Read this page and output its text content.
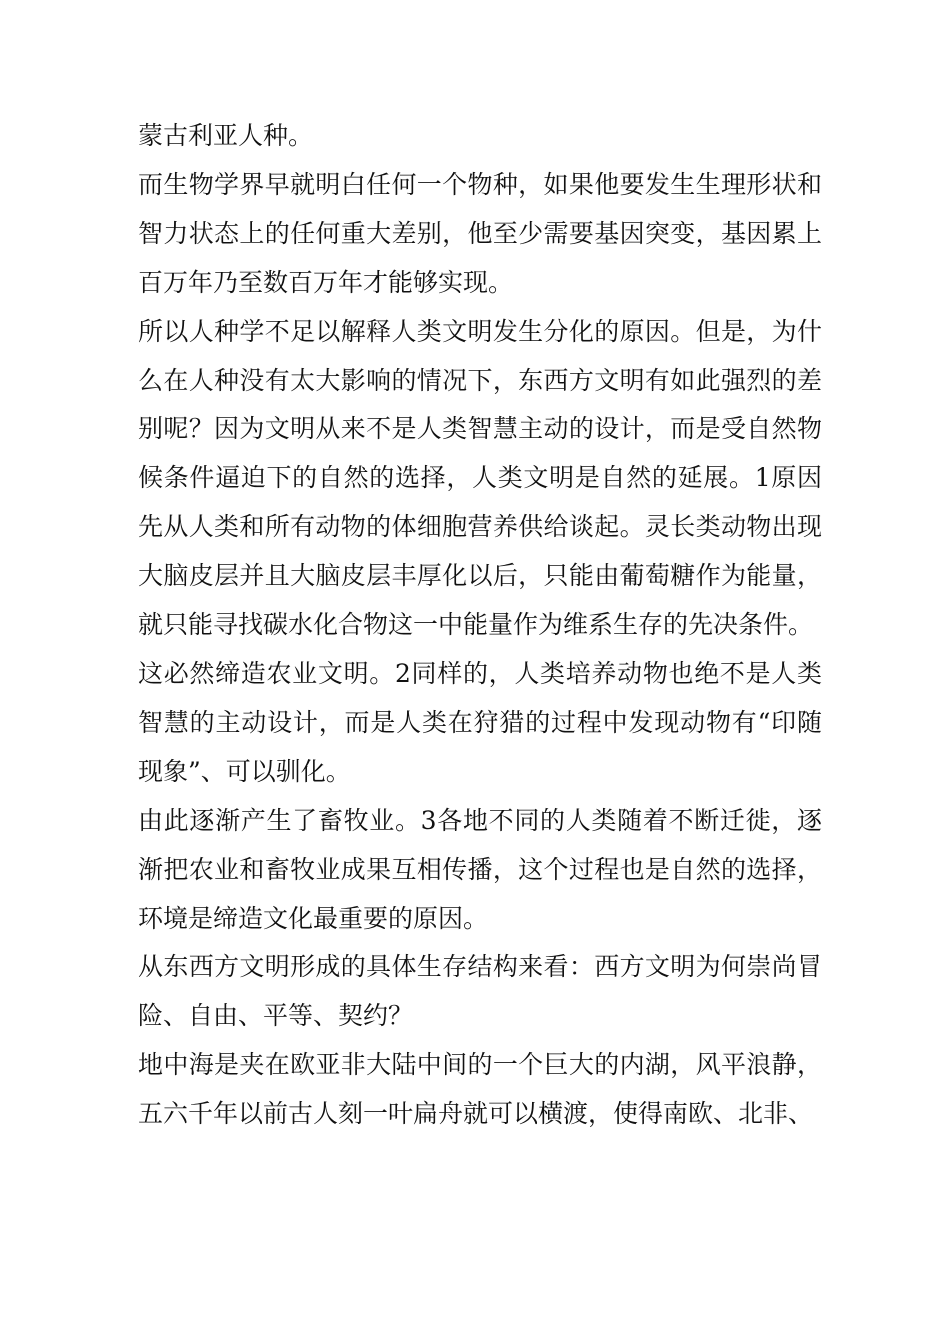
蒙古利亚人种。

而生物学界早就明白任何一个物种，如果他要发生生理形状和智力状态上的任何重大差别，他至少需要基因突变，基因累上百万年乃至数百万年才能够实现。

所以人种学不足以解释人类文明发生分化的原因。但是，为什么在人种没有太大影响的情况下，东西方文明有如此强烈的差别呢？因为文明从来不是人类智慧主动的设计，而是受自然物候条件逼迫下的自然的选择，人类文明是自然的延展。1原因先从人类和所有动物的体细胞营养供给谈起。灵长类动物出现大脑皮层并且大脑皮层丰厚化以后，只能由葡萄糖作为能量，就只能寻找碳水化合物这一中能量作为维系生存的先决条件。

这必然缔造农业文明。2同样的，人类培养动物也绝不是人类智慧的主动设计，而是人类在狩猎的过程中发现动物有“印随现象”、可以驯化。

由此逐渐产生了畜牧业。3各地不同的人类随着不断迁徙，逐渐把农业和畜牧业成果互相传播，这个过程也是自然的选择，环境是缔造文化最重要的原因。

从东西方文明形成的具体生存结构来看：西方文明为何崇尚冒险、自由、平等、契约？

地中海是夹在欧亚非大陆中间的一个巨大的内湖，风平浪静，五六千年以前古人刻一叶扁舟就可以横渡，使得南欧、北非、
